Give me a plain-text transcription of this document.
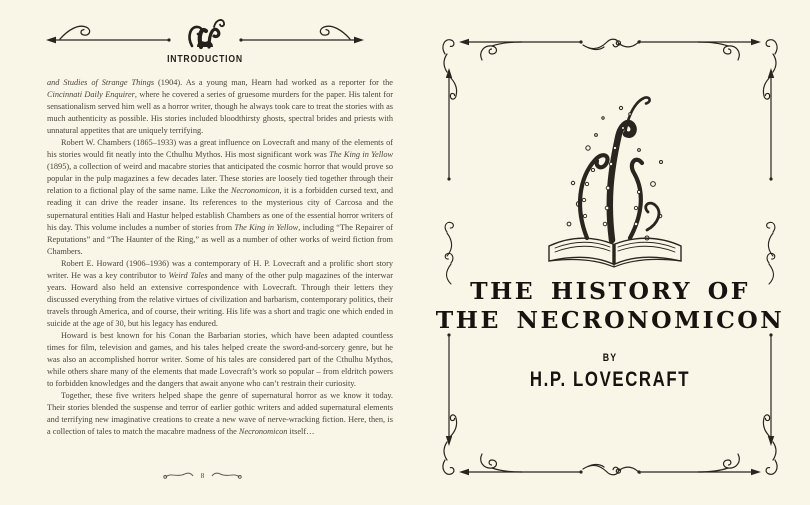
INTRODUCTION

and Studies of Strange Things (1904). As a young man, Hearn had worked as a reporter for the Cincinnati Daily Enquirer, where he covered a series of gruesome murders for the paper. His talent for sensationalism served him well as a horror writer, though he always took care to treat the stories with as much authenticity as possible. His stories included bloodthirsty ghosts, spectral brides and priests with unnatural appetites that are uniquely terrifying.

Robert W. Chambers (1865–1933) was a great influence on Lovecraft and many of the elements of his stories would fit neatly into the Cthulhu Mythos. His most significant work was The King in Yellow (1895), a collection of weird and macabre stories that anticipated the cosmic horror that would prove so popular in the pulp magazines a few decades later. These stories are loosely tied together through their relation to a fictional play of the same name. Like the Necronomicon, it is a forbidden cursed text, and reading it can drive the reader insane. Its references to the mysterious city of Carcosa and the supernatural entities Hali and Hastur helped establish Chambers as one of the essential horror writers of his day. This volume includes a number of stories from The King in Yellow, including “The Repairer of Reputations” and “The Haunter of the Ring,” as well as a number of other works of weird fiction from Chambers.

Robert E. Howard (1906–1936) was a contemporary of H. P. Lovecraft and a prolific short story writer. He was a key contributor to Weird Tales and many of the other pulp magazines of the interwar years. Howard also held an extensive correspondence with Lovecraft. Through their letters they discussed everything from the relative virtues of civilization and barbarism, contemporary politics, their travels through America, and of course, their writing. His life was a short and tragic one which ended in suicide at the age of 30, but his legacy has endured.

Howard is best known for his Conan the Barbarian stories, which have been adapted countless times for film, television and games, and his tales helped create the sword-and-sorcery genre, but he was also an accomplished horror writer. Some of his tales are considered part of the Cthulhu Mythos, while others share many of the elements that made Lovecraft’s work so popular – from eldritch powers to forbidden knowledges and the dangers that await anyone who can’t restrain their curiosity.

Together, these five writers helped shape the genre of supernatural horror as we know it today. Their stories blended the suspense and terror of earlier gothic writers and added supernatural elements and terrifying new imaginative creations to create a new wave of nerve-wracking fiction. Here, then, is a collection of tales to match the macabre madness of the Necronomicon itself…

8
THE HISTORY OF
THE NECRONOMICON
BY
H.P. LOVECRAFT
